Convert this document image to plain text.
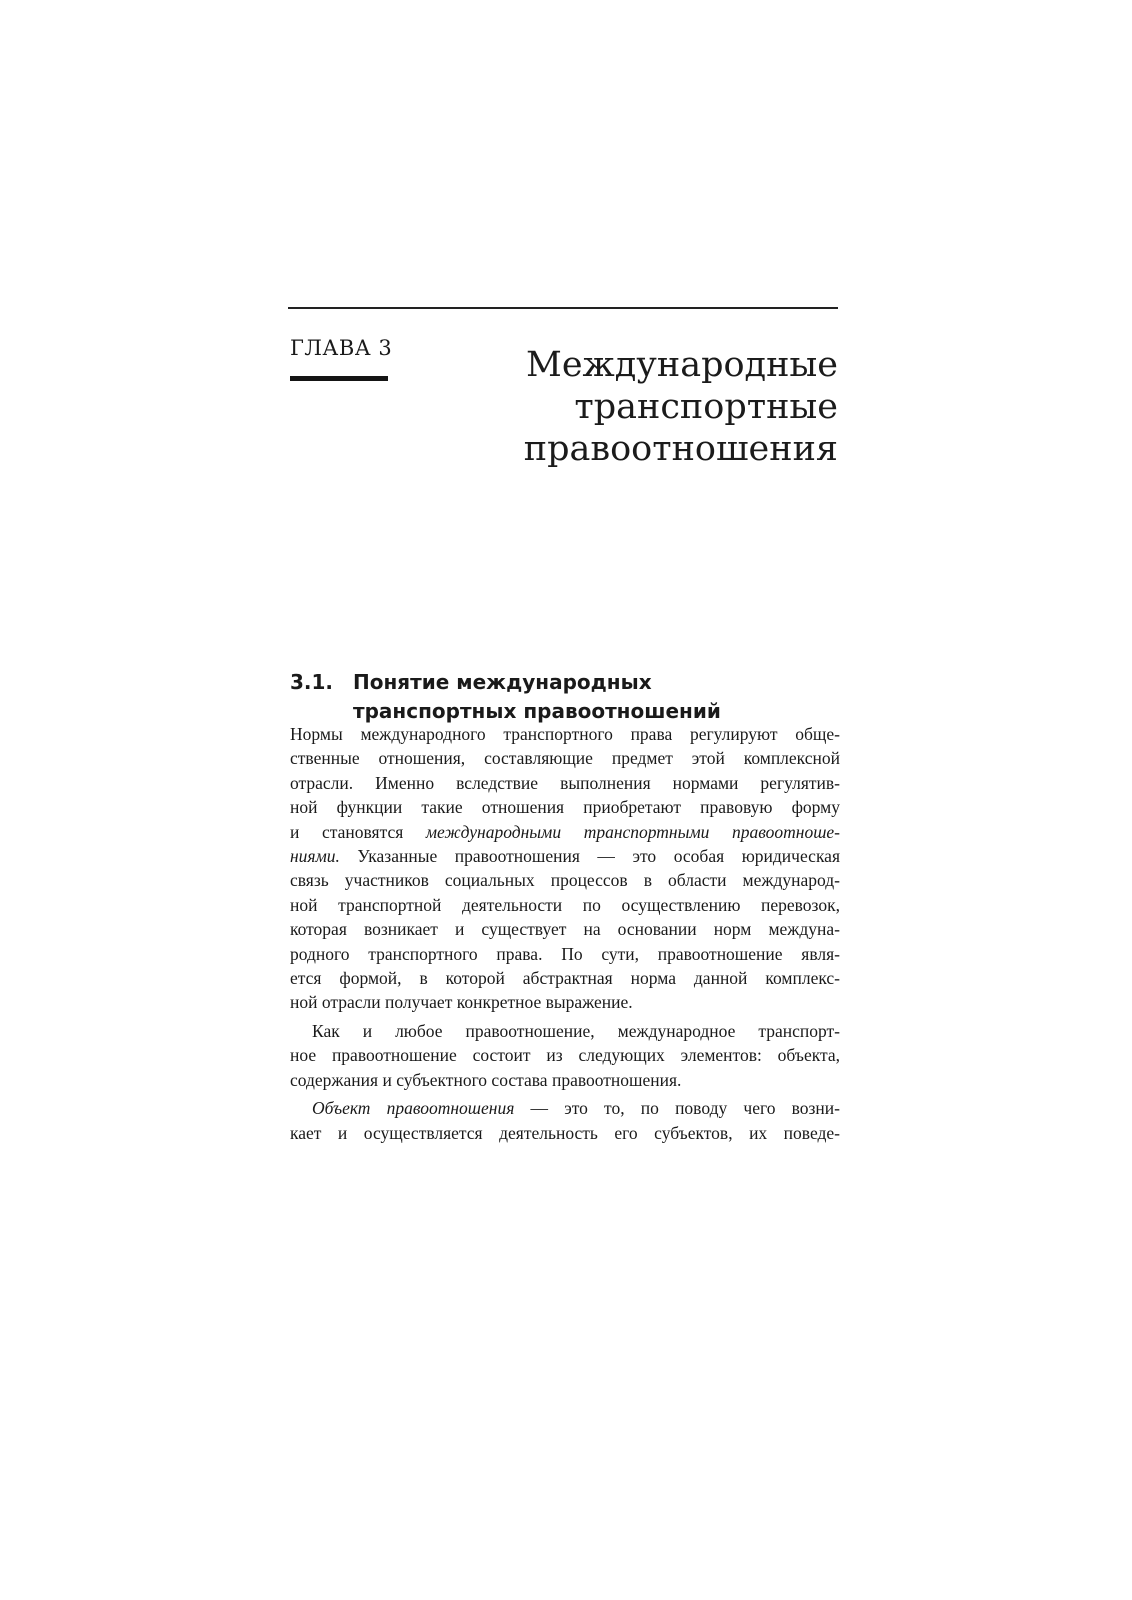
ГЛАВА 3	Международные
транспортные
правоотношения
3.1. Понятие международных
транспортных правоотношений
Нормы международного транспортного права регулируют обще-
ственные отношения, составляющие предмет этой комплексной
отрасли. Именно вследствие выполнения нормами регулятив-
ной функции такие отношения приобретают правовую форму
и становятся международными транспортными правоотноше-
ниями. Указанные правоотношения — это особая юридическая
связь участников социальных процессов в области международ-
ной транспортной деятельности по осуществлению перевозок,
которая возникает и существует на основании норм междуна-
родного транспортного права. По сути, правоотношение явля-
ется формой, в которой абстрактная норма данной комплекс-
ной отрасли получает конкретное выражение.
Как и любое правоотношение, международное транспорт-
ное правоотношение состоит из следующих элементов: объекта,
содержания и субъектного состава правоотношения.
Объект правоотношения — это то, по поводу чего возни-
кает и осуществляется деятельность его субъектов, их поведе-
